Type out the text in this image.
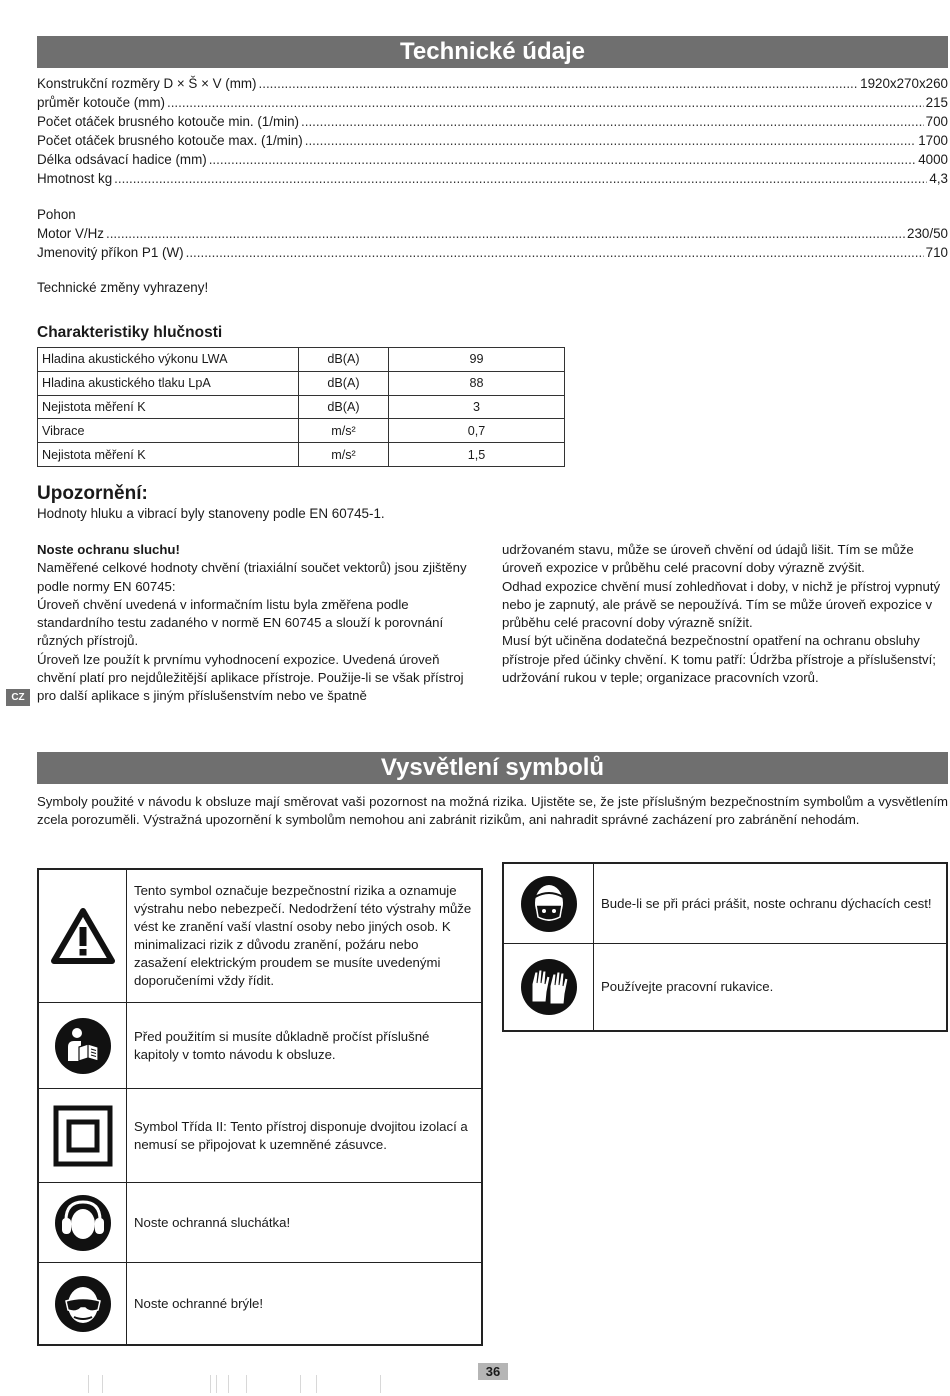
Technické údaje
Konstrukční rozměry D × Š × V (mm) .....	1920x270x260
průměr kotouče (mm) .....	215
Počet otáček brusného kotouče min. (1/min) .....	700
Počet otáček brusného kotouče max. (1/min) .....	1700
Délka odsávací hadice (mm) .....	4000
Hmotnost kg .....	4,3
Pohon
Motor V/Hz .....	230/50
Jmenovitý příkon P1 (W) .....	710
Technické změny vyhrazeny!
Charakteristiky hlučnosti
Hladina akustického výkonu LWA	dB(A)	99
Hladina akustického tlaku LpA	dB(A)	88
Nejistota měření K	dB(A)	3
Vibrace	m/s²	0,7
Nejistota měření K	m/s²	1,5
Upozornění:
Hodnoty hluku a vibrací byly stanoveny podle EN 60745-1.
Noste ochranu sluchu!
Naměřené celkové hodnoty chvění (triaxiální součet vektorů) jsou zjištěny podle normy EN 60745:
Úroveň chvění uvedená v informačním listu byla změřena podle standardního testu zadaného v normě EN 60745 a slouží k porovnání různých přístrojů.
Úroveň lze použít k prvnímu vyhodnocení expozice. Uvedená úroveň chvění platí pro nejdůležitější aplikace přístroje. Použije-li se však přístroj pro další aplikace s jiným příslušenstvím nebo ve špatně
udržovaném stavu, může se úroveň chvění od údajů lišit. Tím se může úroveň expozice v průběhu celé pracovní doby výrazně zvýšit.
Odhad expozice chvění musí zohledňovat i doby, v nichž je přístroj vypnutý nebo je zapnutý, ale právě se nepoužívá. Tím se může úroveň expozice v průběhu celé pracovní doby výrazně snížit.
Musí být učiněna dodatečná bezpečnostní opatření na ochranu obsluhy přístroje před účinky chvění. K tomu patří: Údržba přístroje a příslušenství; udržování rukou v teple; organizace pracovních vzorů.
CZ
Vysvětlení symbolů
Symboly použité v návodu k obsluze mají směrovat vaši pozornost na možná rizika. Ujistěte se, že jste příslušným bezpečnostním symbolům a vysvětlením zcela porozuměli. Výstražná upozornění k symbolům nemohou ani zabránit rizikům, ani nahradit správné zacházení pro zabránění nehodám.
Tento symbol označuje bezpečnostní rizika a oznamuje výstrahu nebo nebezpečí. Nedodržení této výstrahy může vést ke zranění vaší vlastní osoby nebo jiných osob. K minimalizaci rizik z důvodu zranění, požáru nebo zasažení elektrickým proudem se musíte uvedenými doporučeními vždy řídit.
Před použitím si musíte důkladně pročíst příslušné kapitoly v tomto návodu k obsluze.
Symbol Třída II: Tento přístroj disponuje dvojitou izolací a nemusí se připojovat k uzemněné zásuvce.
Noste ochranná sluchátka!
Noste ochranné brýle!
Bude-li se při práci prášit, noste ochranu dýchacích cest!
Používejte pracovní rukavice.
36
